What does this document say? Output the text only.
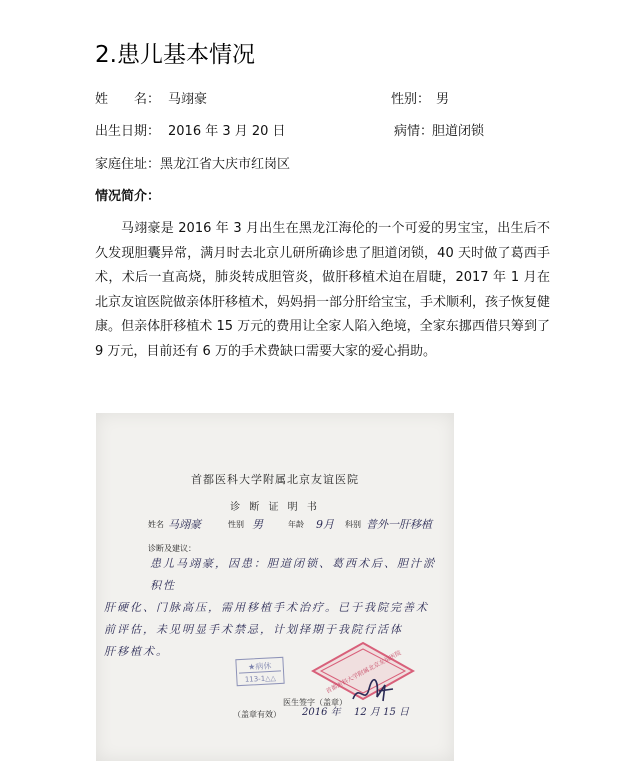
2.患儿基本情况
姓　　名： 马翊豪	性别： 男
出生日期： 2016 年 3 月 20 日	病情：
胆道闭锁
家庭住址： 黑龙江省大庆市红岗区
情况简介：
马翊豪是 2016 年 3 月出生在黑龙江海伦的一个可爱的男宝宝，出生后不久发现胆囊异常，满月时去北京儿研所确诊患了胆道闭锁，40 天时做了葛西手术，术后一直高烧，肺炎转成胆管炎，做肝移植术迫在眉睫，2017 年 1 月在北京友谊医院做亲体肝移植术，妈妈捐一部分肝给宝宝，手术顺利，孩子恢复健康。但亲体肝移植术 15 万元的费用让全家人陷入绝境，全家东挪西借只筹到了 9 万元，目前还有 6 万的手术费缺口需要大家的爱心捐助。
首都医科大学附属北京友谊医院
诊 断 证 明 书
姓名 马翊豪	性别 男	年龄 9月 科别 普外一肝移植
诊断及建议：
患儿马翊豪，因患：胆道闭锁、葛西术后、胆汁淤积性
肝硬化、门脉高压，需用移植手术治疗。已于我院完善术
前评估，未见明显手术禁忌，计划择期于我院行活体
肝移植术。
★病休
113-1△△	首都医科大学附属北京友谊医院
医生签字（盖章）
（盖章有效） 2016 年 12 月 15 日
